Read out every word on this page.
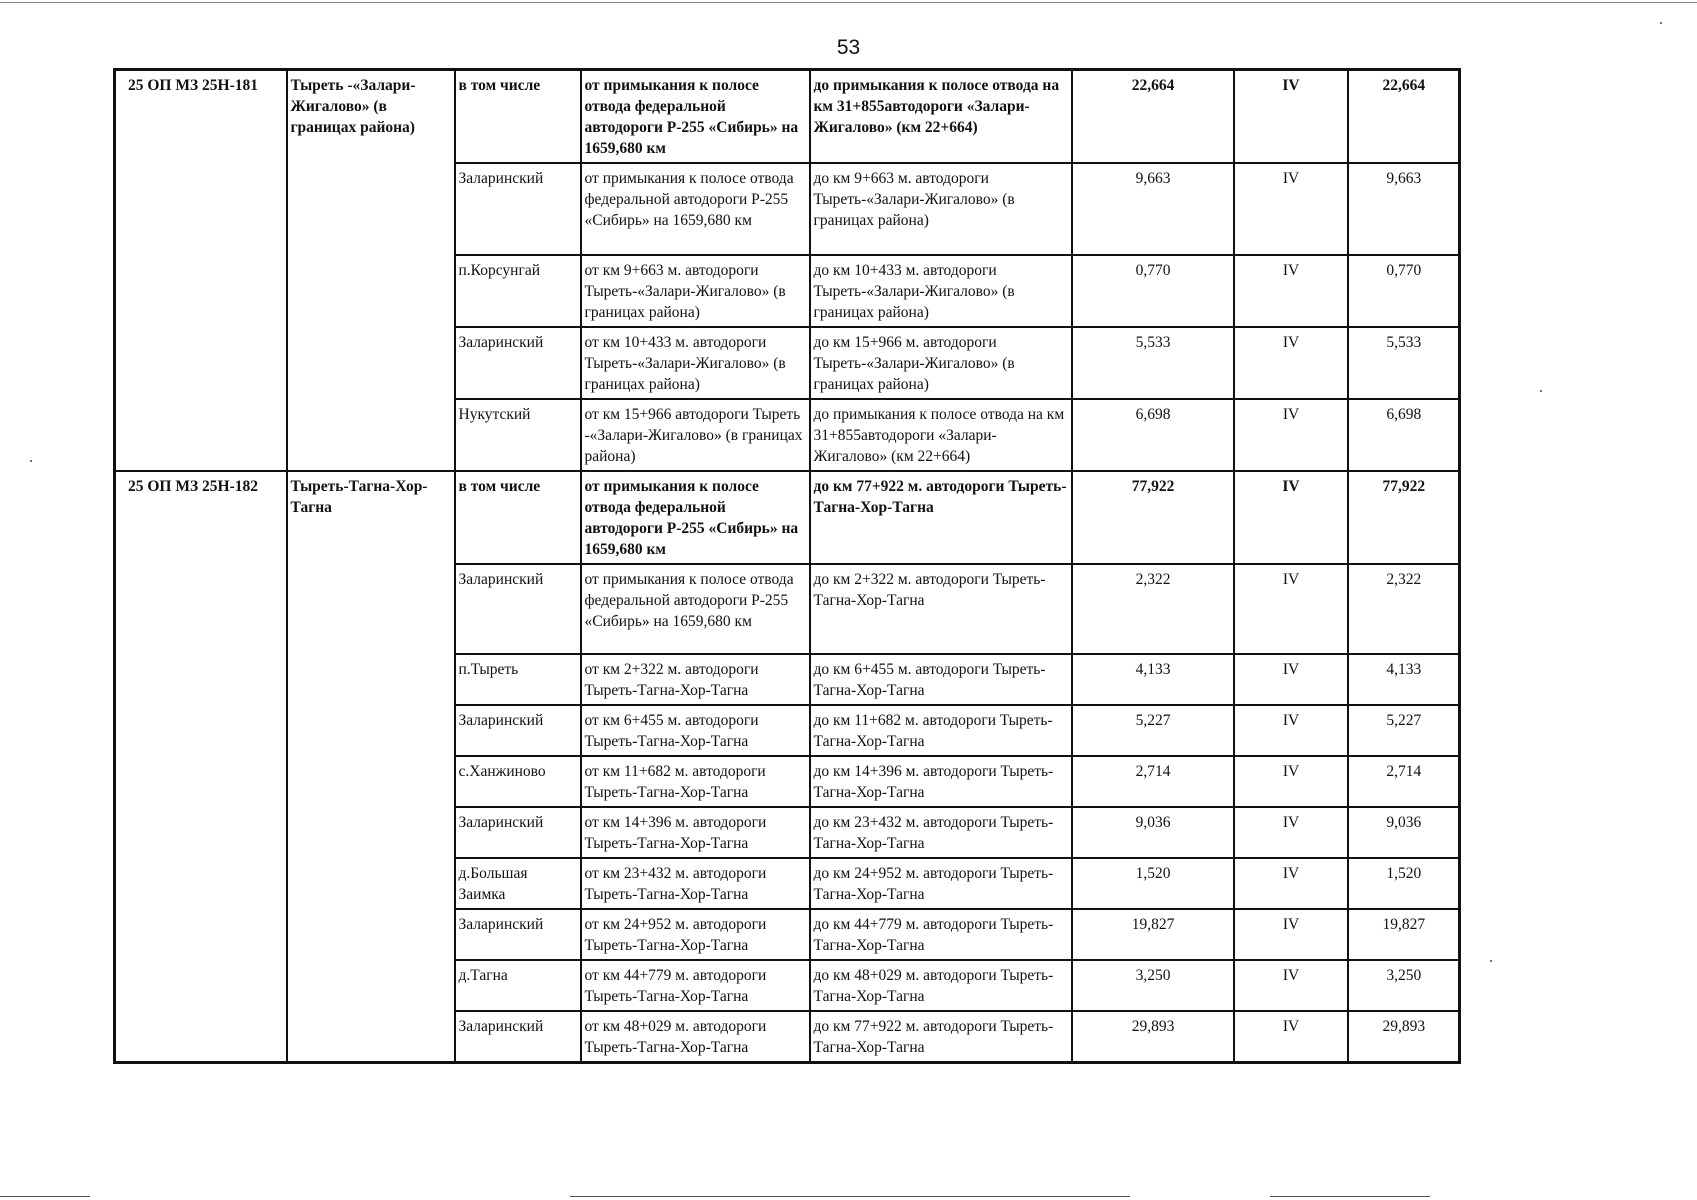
53
25 ОП МЗ 25Н-181	Тыреть -«Залари-Жигалово» (в границах района)	в том числе	от примыкания к полосе отвода федеральной автодороги Р-255 «Сибирь» на 1659,680 км	до примыкания к полосе отвода на км 31+855автодороги «Залари-Жигалово» (км 22+664)	22,664	IV	22,664
		Заларинский	от примыкания к полосе отвода федеральной автодороги Р-255 «Сибирь» на 1659,680 км	до км 9+663 м. автодороги Тыреть-«Залари-Жигалово» (в границах района)	9,663	IV	9,663
		п.Корсунгай	от км 9+663 м. автодороги Тыреть-«Залари-Жигалово» (в границах района)	до км 10+433 м. автодороги Тыреть-«Залари-Жигалово» (в границах района)	0,770	IV	0,770
		Заларинский	от км 10+433 м. автодороги Тыреть-«Залари-Жигалово» (в границах района)	до км 15+966 м. автодороги Тыреть-«Залари-Жигалово» (в границах района)	5,533	IV	5,533
		Нукутский	от км 15+966 автодороги Тыреть -«Залари-Жигалово» (в границах района)	до примыкания к полосе отвода на км 31+855автодороги «Залари-Жигалово» (км 22+664)	6,698	IV	6,698
25 ОП МЗ 25Н-182	Тыреть-Тагна-Хор-Тагна	в том числе	от примыкания к полосе отвода федеральной автодороги Р-255 «Сибирь» на 1659,680 км	до км 77+922 м. автодороги Тыреть-Тагна-Хор-Тагна	77,922	IV	77,922
		Заларинский	от примыкания к полосе отвода федеральной автодороги Р-255 «Сибирь» на 1659,680 км	до км 2+322 м. автодороги Тыреть-Тагна-Хор-Тагна	2,322	IV	2,322
		п.Тыреть	от км 2+322 м. автодороги Тыреть-Тагна-Хор-Тагна	до км 6+455 м. автодороги Тыреть-Тагна-Хор-Тагна	4,133	IV	4,133
		Заларинский	от км 6+455 м. автодороги Тыреть-Тагна-Хор-Тагна	до км 11+682 м. автодороги Тыреть-Тагна-Хор-Тагна	5,227	IV	5,227
		с.Ханжиново	от км 11+682 м. автодороги Тыреть-Тагна-Хор-Тагна	до км 14+396 м. автодороги Тыреть-Тагна-Хор-Тагна	2,714	IV	2,714
		Заларинский	от км 14+396 м. автодороги Тыреть-Тагна-Хор-Тагна	до км 23+432 м. автодороги Тыреть-Тагна-Хор-Тагна	9,036	IV	9,036
		д.Большая Заимка	от км 23+432 м. автодороги Тыреть-Тагна-Хор-Тагна	до км 24+952 м. автодороги Тыреть-Тагна-Хор-Тагна	1,520	IV	1,520
		Заларинский	от км 24+952 м. автодороги Тыреть-Тагна-Хор-Тагна	до км 44+779 м. автодороги Тыреть-Тагна-Хор-Тагна	19,827	IV	19,827
		д.Тагна	от км 44+779 м. автодороги Тыреть-Тагна-Хор-Тагна	до км 48+029 м. автодороги Тыреть-Тагна-Хор-Тагна	3,250	IV	3,250
		Заларинский	от км 48+029 м. автодороги Тыреть-Тагна-Хор-Тагна	до км 77+922 м. автодороги Тыреть-Тагна-Хор-Тагна	29,893	IV	29,893
